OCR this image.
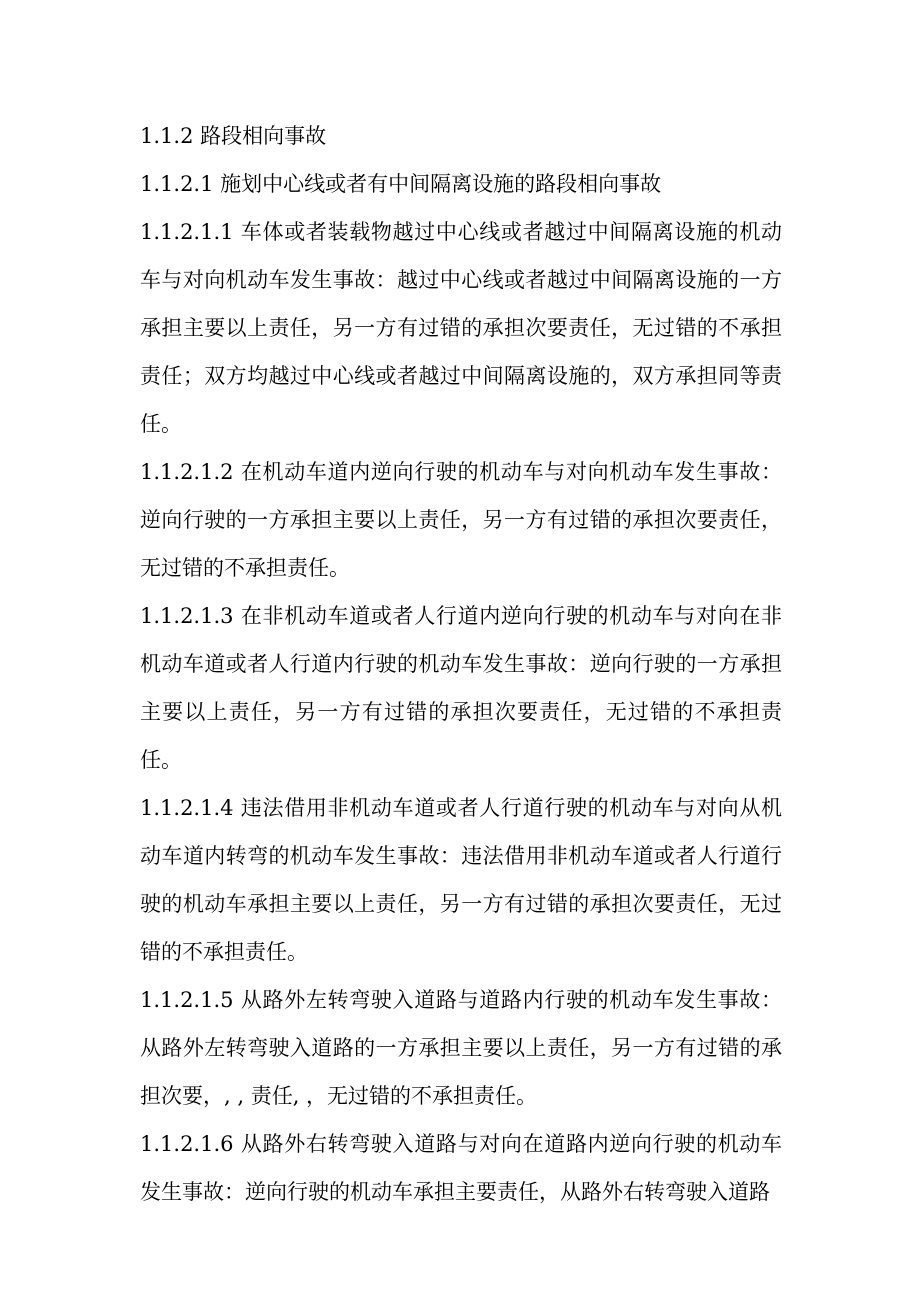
1.1.2 路段相向事故

1.1.2.1 施划中心线或者有中间隔离设施的路段相向事故

1.1.2.1.1 车体或者装载物越过中心线或者越过中间隔离设施的机动车与对向机动车发生事故：越过中心线或者越过中间隔离设施的一方承担主要以上责任，另一方有过错的承担次要责任，无过错的不承担责任；双方均越过中心线或者越过中间隔离设施的，双方承担同等责任。

1.1.2.1.2 在机动车道内逆向行驶的机动车与对向机动车发生事故：逆向行驶的一方承担主要以上责任，另一方有过错的承担次要责任，无过错的不承担责任。

1.1.2.1.3 在非机动车道或者人行道内逆向行驶的机动车与对向在非机动车道或者人行道内行驶的机动车发生事故：逆向行驶的一方承担主要以上责任，另一方有过错的承担次要责任，无过错的不承担责任。

1.1.2.1.4 违法借用非机动车道或者人行道行驶的机动车与对向从机动车道内转弯的机动车发生事故：违法借用非机动车道或者人行道行驶的机动车承担主要以上责任，另一方有过错的承担次要责任，无过错的不承担责任。

1.1.2.1.5 从路外左转弯驶入道路与道路内行驶的机动车发生事故：从路外左转弯驶入道路的一方承担主要以上责任，另一方有过错的承担次要，, , 责任, ，无过错的不承担责任。

1.1.2.1.6 从路外右转弯驶入道路与对向在道路内逆向行驶的机动车发生事故：逆向行驶的机动车承担主要责任，从路外右转弯驶入道路
